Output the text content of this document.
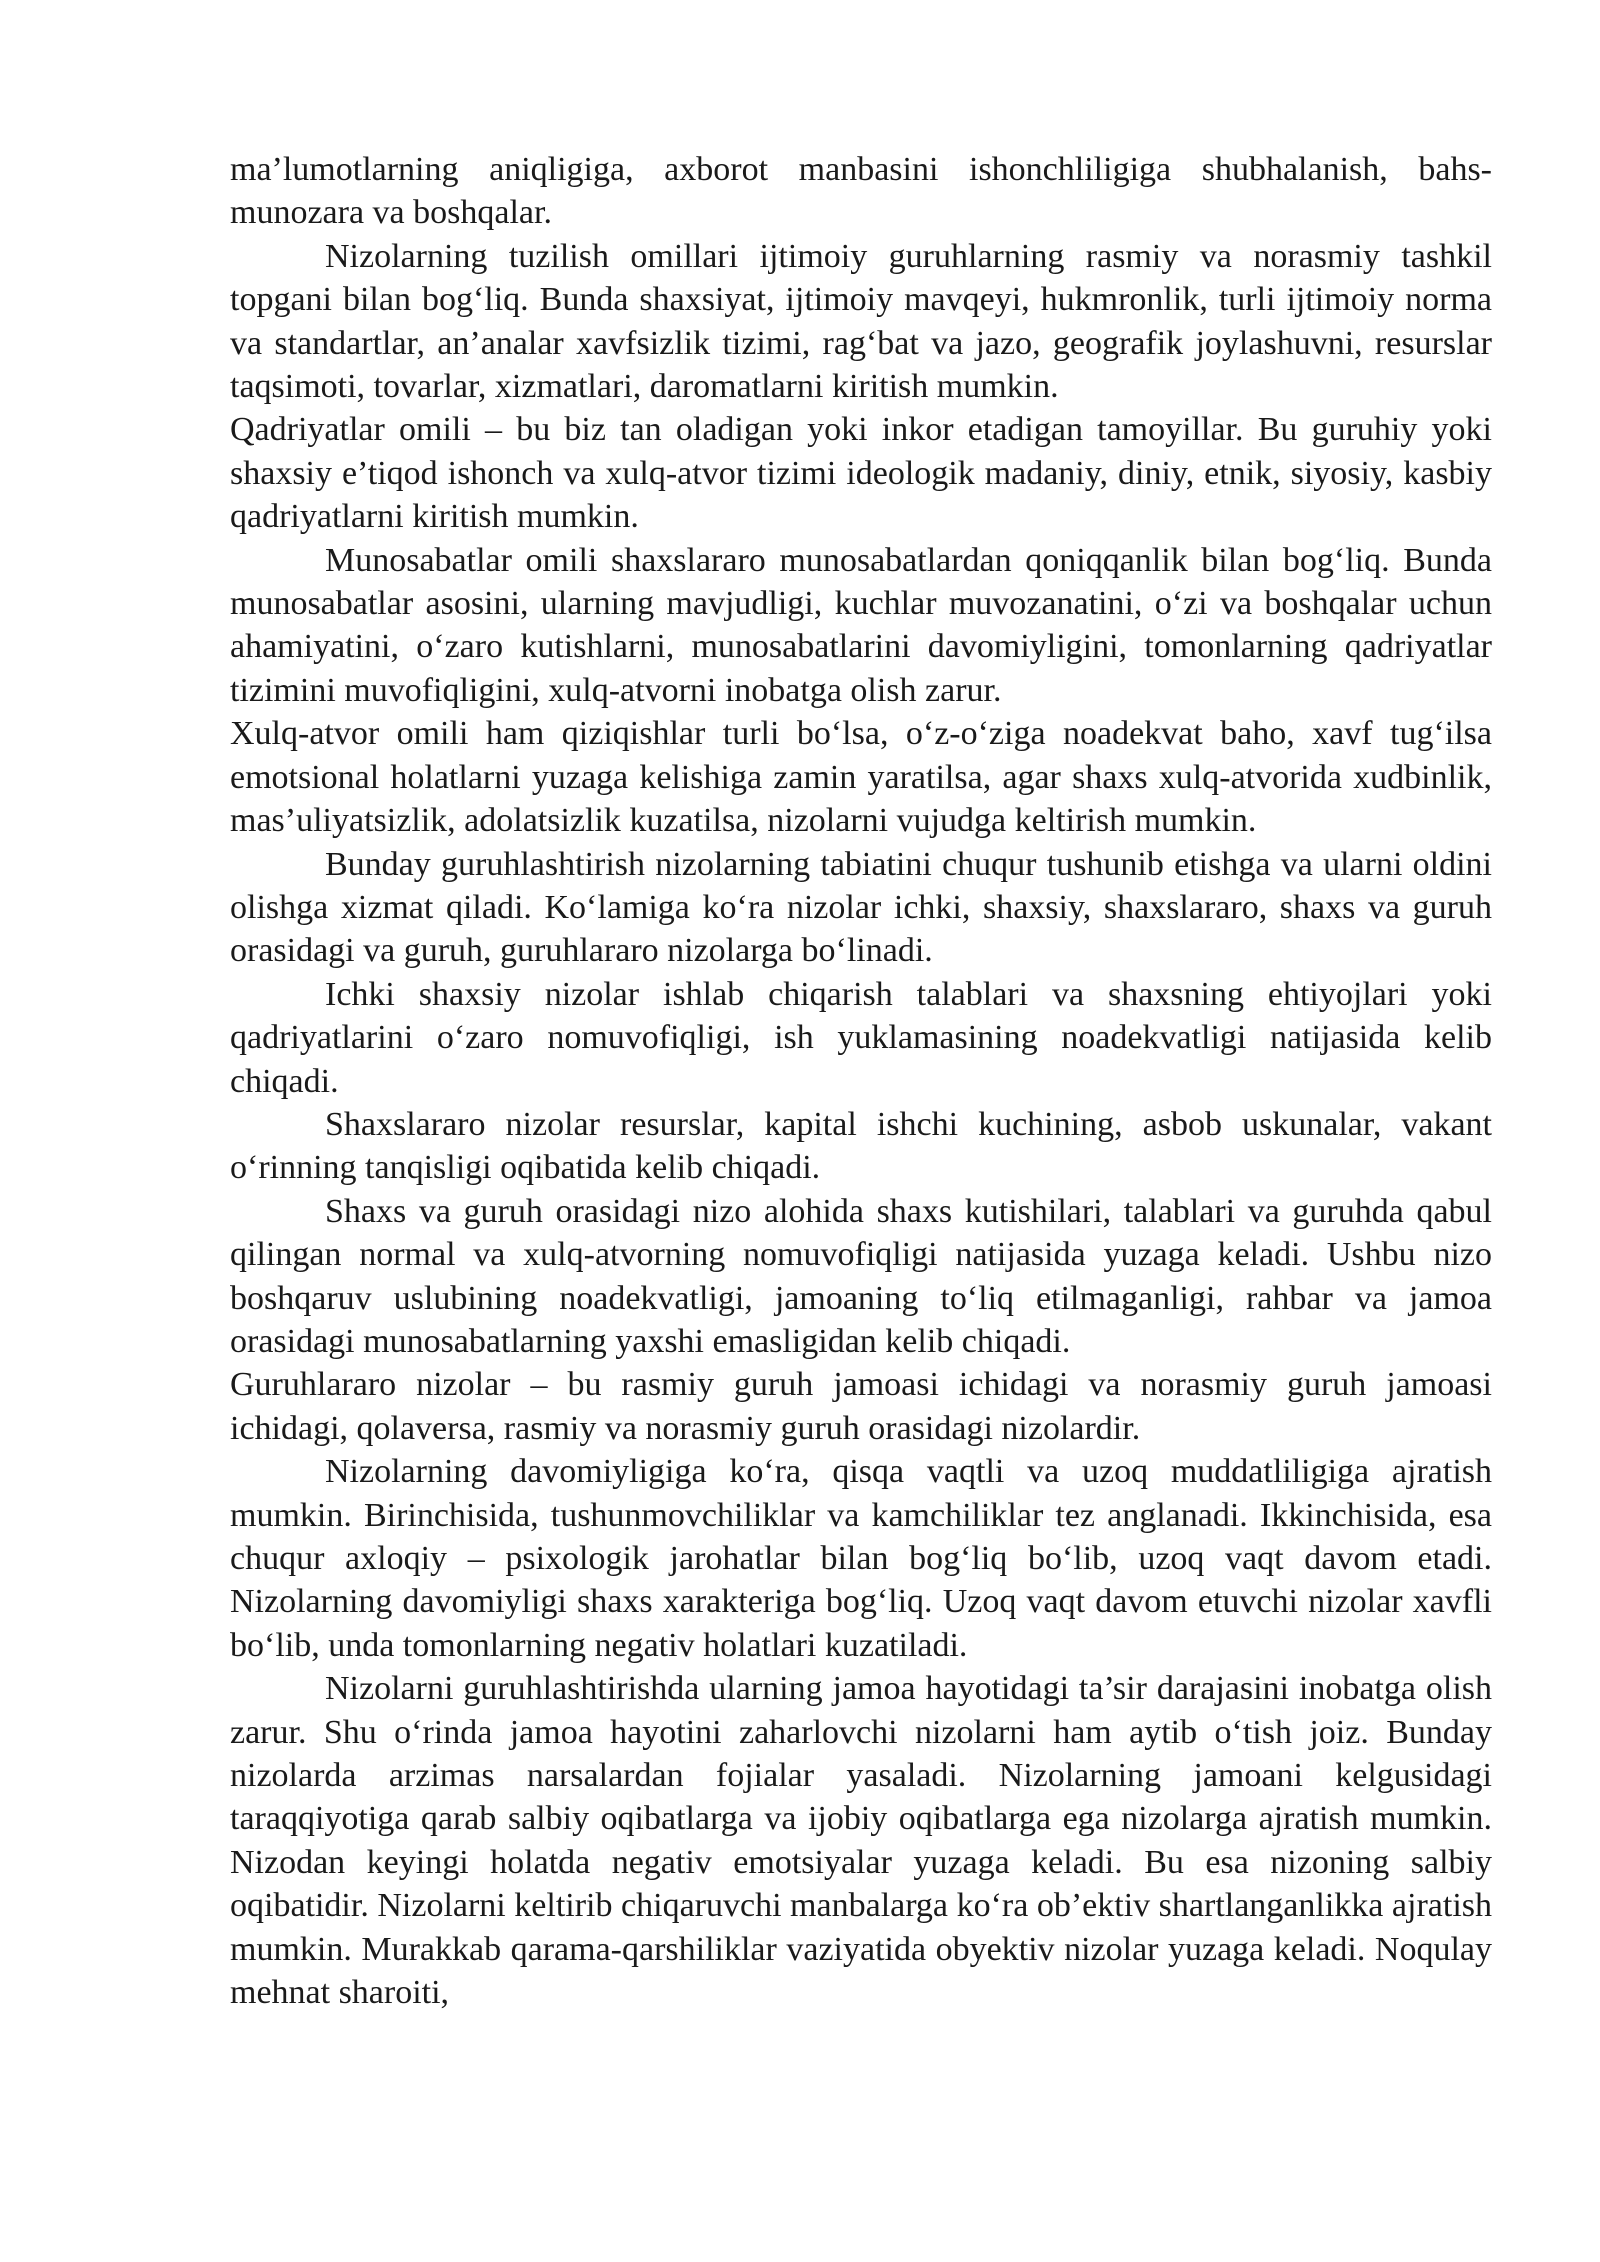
ma’lumotlarning aniqligiga, axborot manbasini ishonchliligiga shubhalanish, bahs-munozara va boshqalar.

Nizolarning tuzilish omillari ijtimoiy guruhlarning rasmiy va norasmiy tashkil topgani bilan bog‘liq. Bunda shaxsiyat, ijtimoiy mavqeyi, hukmronlik, turli ijtimoiy norma va standartlar, an’analar xavfsizlik tizimi, rag‘bat va jazo, geografik joylashuvni, resurslar taqsimoti, tovarlar, xizmatlari, daromatlarni kiritish mumkin.

Qadriyatlar omili – bu biz tan oladigan yoki inkor etadigan tamoyillar. Bu guruhiy yoki shaxsiy e’tiqod ishonch va xulq-atvor tizimi ideologik madaniy, diniy, etnik, siyosiy, kasbiy qadriyatlarni kiritish mumkin.

Munosabatlar omili shaxslararo munosabatlardan qoniqqanlik bilan bog‘liq. Bunda munosabatlar asosini, ularning mavjudligi, kuchlar muvozanatini, o‘zi va boshqalar uchun ahamiyatini, o‘zaro kutishlarni, munosabatlarini davomiyligini, tomonlarning qadriyatlar tizimini muvofiqligini, xulq-atvorni inobatga olish zarur.

Xulq-atvor omili ham qiziqishlar turli bo‘lsa, o‘z-o‘ziga noadekvat baho, xavf tug‘ilsa emotsional holatlarni yuzaga kelishiga zamin yaratilsa, agar shaxs xulq-atvorida xudbinlik, mas’uliyatsizlik, adolatsizlik kuzatilsa, nizolarni vujudga keltirish mumkin.

Bunday guruhlashtirish nizolarning tabiatini chuqur tushunib etishga va ularni oldini olishga xizmat qiladi. Ko‘lamiga ko‘ra nizolar ichki, shaxsiy, shaxslararo, shaxs va guruh orasidagi va guruh, guruhlararo nizolarga bo‘linadi.

Ichki shaxsiy nizolar ishlab chiqarish talablari va shaxsning ehtiyojlari yoki qadriyatlarini o‘zaro nomuvofiqligi, ish yuklamasining noadekvatligi natijasida kelib chiqadi.

Shaxslararo nizolar resurslar, kapital ishchi kuchining, asbob uskunalar, vakant o‘rinning tanqisligi oqibatida kelib chiqadi.

Shaxs va guruh orasidagi nizo alohida shaxs kutishilari, talablari va guruhda qabul qilingan normal va xulq-atvorning nomuvofiqligi natijasida yuzaga keladi. Ushbu nizo boshqaruv uslubining noadekvatligi, jamoaning to‘liq etilmaganligi, rahbar va jamoa orasidagi munosabatlarning yaxshi emasligidan kelib chiqadi.

Guruhlararo nizolar – bu rasmiy guruh jamoasi ichidagi va norasmiy guruh jamoasi ichidagi, qolaversa, rasmiy va norasmiy guruh orasidagi nizolardir.

Nizolarning davomiyligiga ko‘ra, qisqa vaqtli va uzoq muddatliligiga ajratish mumkin. Birinchisida, tushunmovchiliklar va kamchiliklar tez anglanadi. Ikkinchisida, esa chuqur axloqiy – psixologik jarohatlar bilan bog‘liq bo‘lib, uzoq vaqt davom etadi. Nizolarning davomiyligi shaxs xarakteriga bog‘liq. Uzoq vaqt davom etuvchi nizolar xavfli bo‘lib, unda tomonlarning negativ holatlari kuzatiladi.

Nizolarni guruhlashtirishda ularning jamoa hayotidagi ta’sir darajasini inobatga olish zarur. Shu o‘rinda jamoa hayotini zaharlovchi nizolarni ham aytib o‘tish joiz. Bunday nizolarda arzimas narsalardan fojialar yasaladi. Nizolarning jamoani kelgusidagi taraqqiyotiga qarab salbiy oqibatlarga va ijobiy oqibatlarga ega nizolarga ajratish mumkin. Nizodan keyingi holatda negativ emotsiyalar yuzaga keladi. Bu esa nizoning salbiy oqibatidir. Nizolarni keltirib chiqaruvchi manbalarga ko‘ra ob’ektiv shartlanganlikka ajratish mumkin. Murakkab qarama-qarshiliklar vaziyatida obyektiv nizolar yuzaga keladi. Noqulay mehnat sharoiti,
